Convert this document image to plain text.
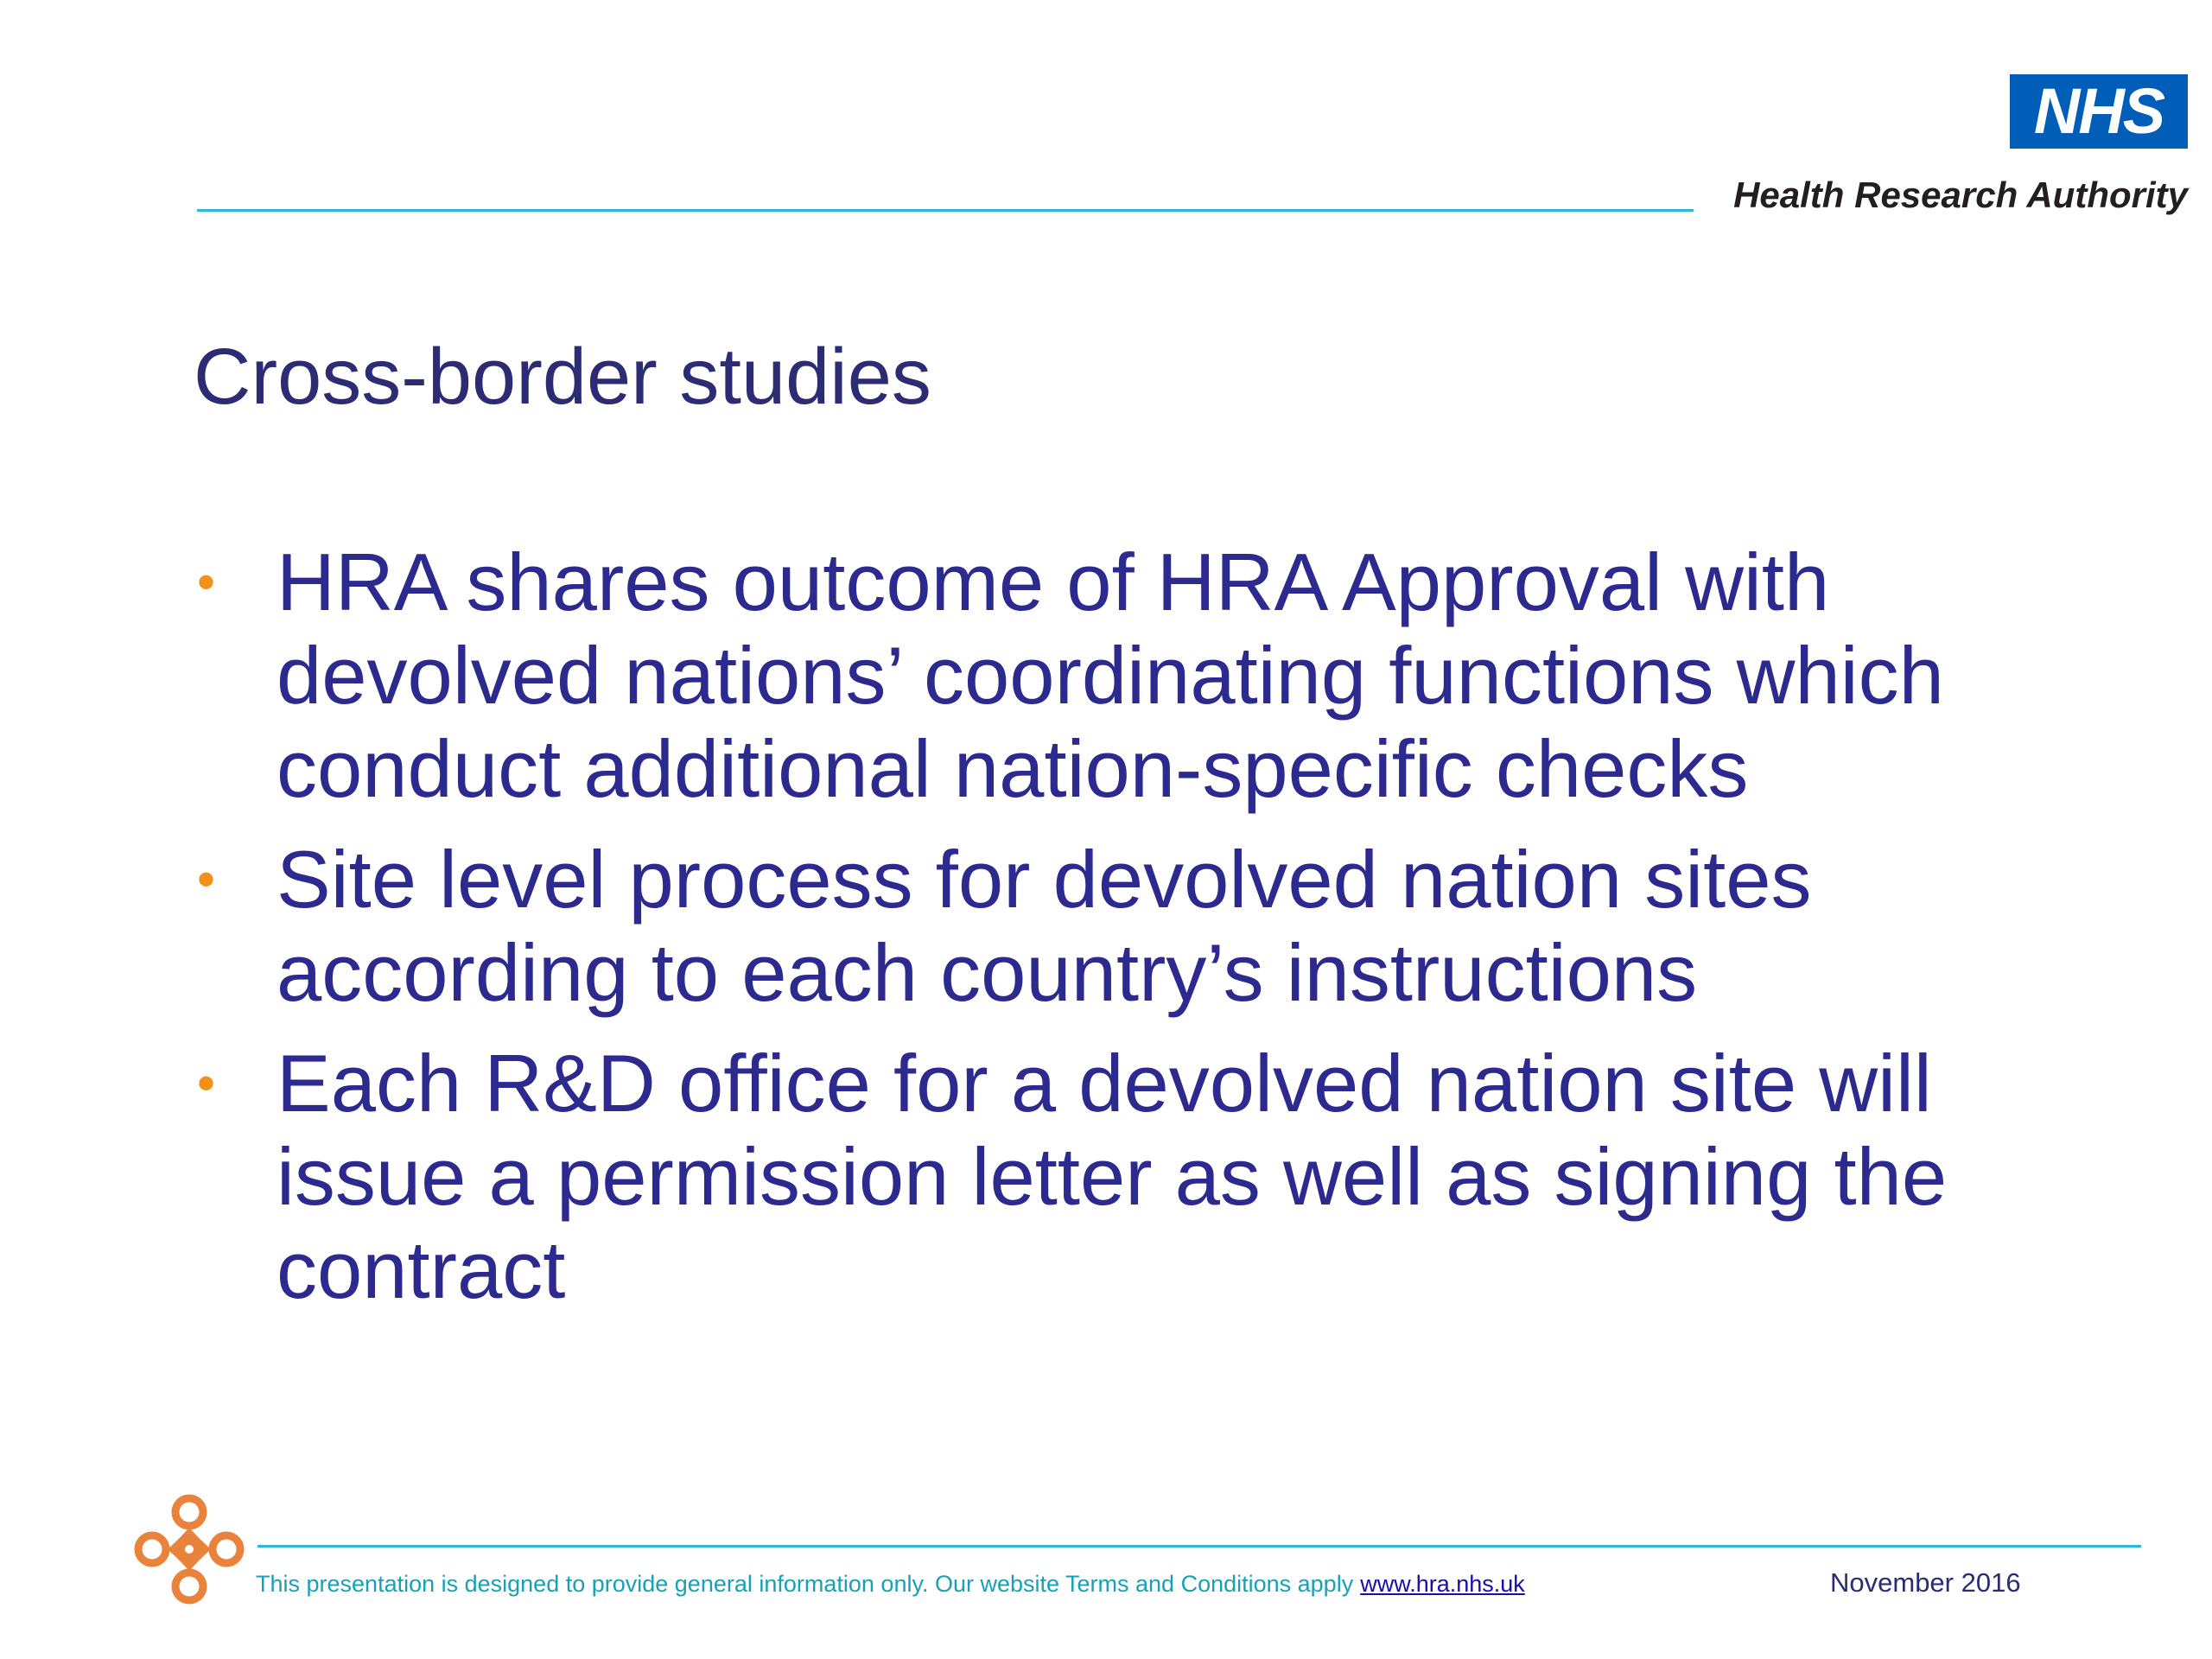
NHS
Health Research Authority
Cross-border studies
• HRA shares outcome of HRA Approval with devolved nations’ coordinating functions which conduct additional nation-specific checks
• Site level process for devolved nation sites according to each country’s instructions
• Each R&D office for a devolved nation site will issue a permission letter as well as signing the contract
This presentation is designed to provide general information only. Our website Terms and Conditions apply www.hra.nhs.uk	November 2016
